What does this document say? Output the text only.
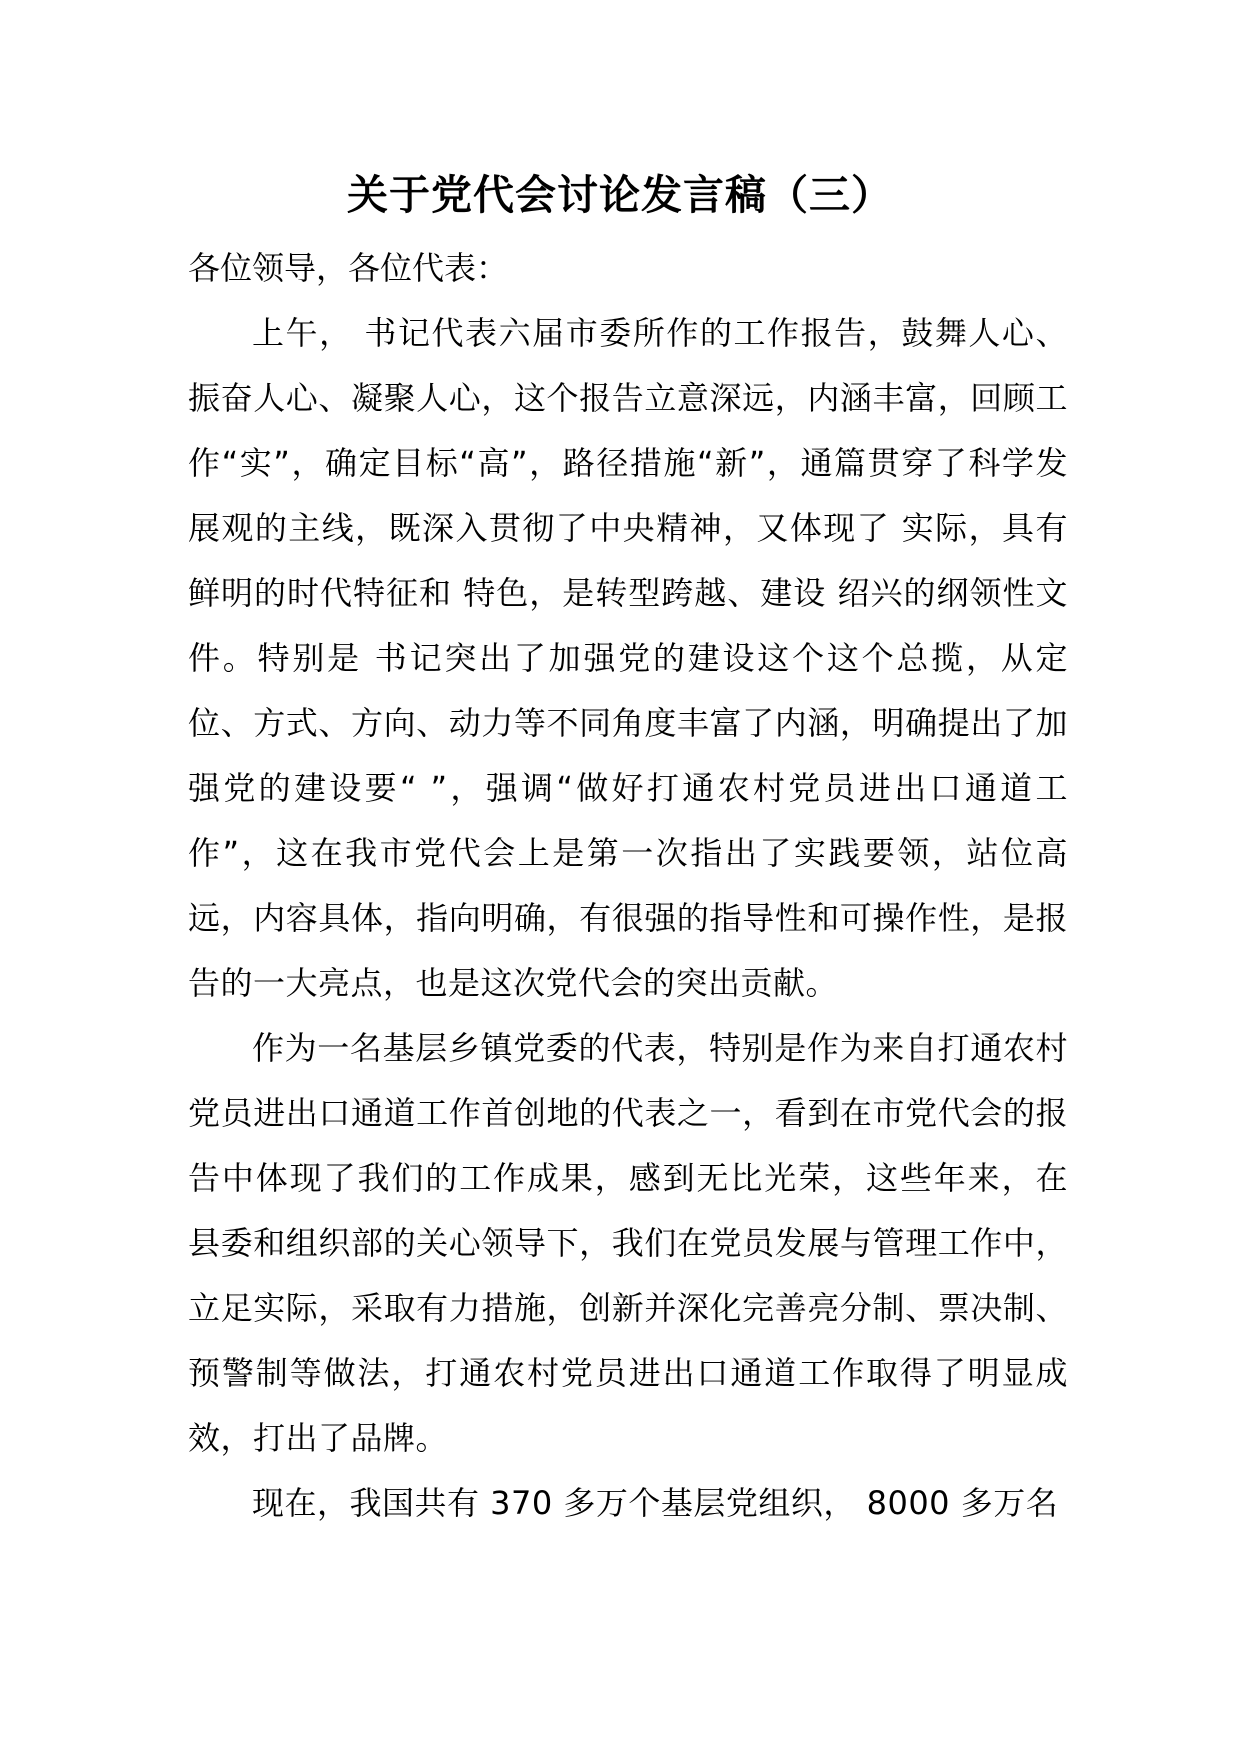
关于党代会讨论发言稿（三）

各位领导，各位代表：

上午， 书记代表六届市委所作的工作报告，鼓舞人心、振奋人心、凝聚人心，这个报告立意深远，内涵丰富，回顾工作“实”，确定目标“高”，路径措施“新”，通篇贯穿了科学发展观的主线，既深入贯彻了中央精神，又体现了 实际，具有鲜明的时代特征和 特色，是转型跨越、建设 绍兴的纲领性文件。特别是 书记突出了加强党的建设这个这个总揽，从定位、方式、方向、动力等不同角度丰富了内涵，明确提出了加强党的建设要“ ”，强调“做好打通农村党员进出口通道工作”，这在我市党代会上是第一次指出了实践要领，站位高远，内容具体，指向明确，有很强的指导性和可操作性，是报告的一大亮点，也是这次党代会的突出贡献。

作为一名基层乡镇党委的代表，特别是作为来自打通农村党员进出口通道工作首创地的代表之一，看到在市党代会的报告中体现了我们的工作成果，感到无比光荣，这些年来，在 县委和组织部的关心领导下，我们在党员发展与管理工作中，立足实际，采取有力措施，创新并深化完善亮分制、票决制、预警制等做法，打通农村党员进出口通道工作取得了明显成效，打出了品牌。

现在，我国共有 370 多万个基层党组织， 8000 多万名
